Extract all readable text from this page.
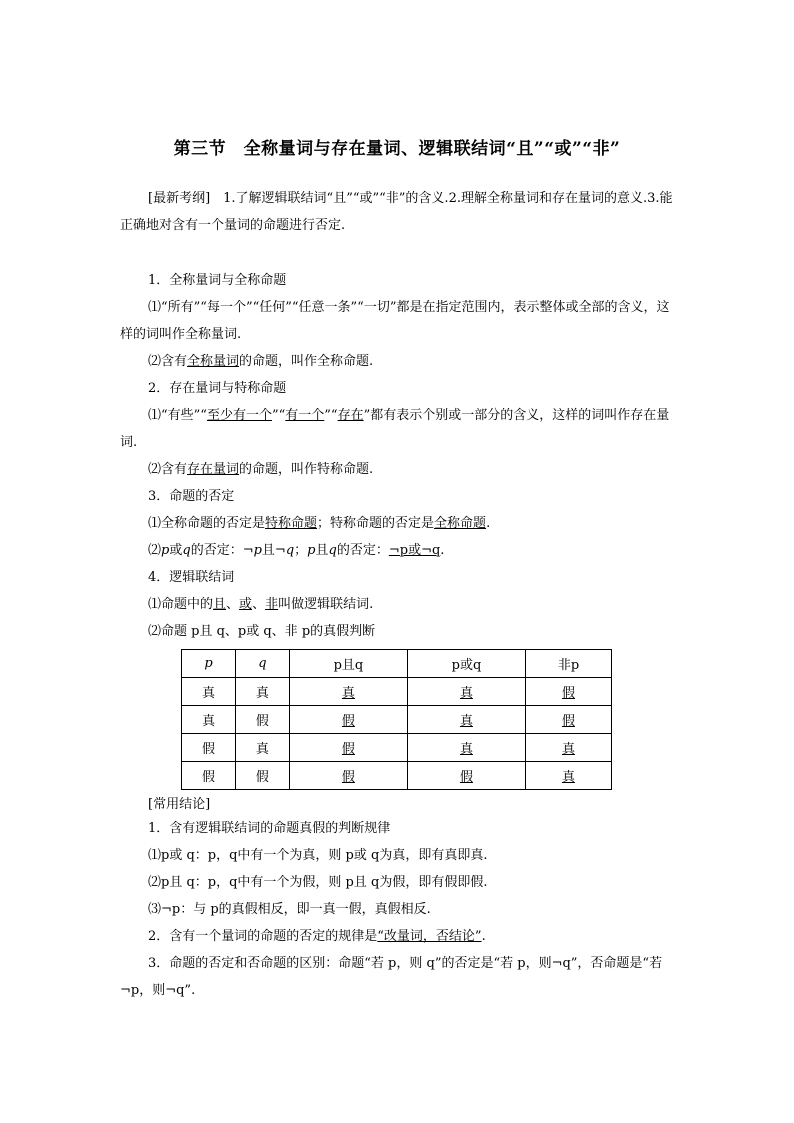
第三节　全称量词与存在量词、逻辑联结词“且”“或”“非”

[最新考纲]　1.了解逻辑联结词“且”“或”“非”的含义.2.理解全称量词和存在量词的意义.3.能正确地对含有一个量词的命题进行否定.

1．全称量词与全称命题

⑴“所有”“每一个”“任何”“任意一条”“一切”都是在指定范围内，表示整体或全部的含义，这样的词叫作全称量词.

⑵含有全称量词的命题，叫作全称命题.

2．存在量词与特称命题

⑴“有些”“至少有一个”“有一个”“存在”都有表示个别或一部分的含义，这样的词叫作存在量词.

⑵含有存在量词的命题，叫作特称命题.

3．命题的否定

⑴全称命题的否定是特称命题；特称命题的否定是全称命题.

⑵p或q的否定：¬p且¬q；p且q的否定：¬p或¬q.

4．逻辑联结词

⑴命题中的且、或、非叫做逻辑联结词.

⑵命题 p且 q、p或 q、非 p的真假判断

p	q	p且q	p或q	非p
真	真	真	真	假
真	假	假	真	假
假	真	假	真	真
假	假	假	假	真

[常用结论]

1．含有逻辑联结词的命题真假的判断规律

⑴p或 q：p，q中有一个为真，则 p或 q为真，即有真即真.

⑵p且 q：p，q中有一个为假，则 p且 q为假，即有假即假.

⑶¬p：与 p的真假相反，即一真一假，真假相反.

2．含有一个量词的命题的否定的规律是“改量词，否结论”.

3．命题的否定和否命题的区别：命题“若 p，则 q”的否定是“若 p，则¬q”，否命题是“若¬p，则¬q”.
